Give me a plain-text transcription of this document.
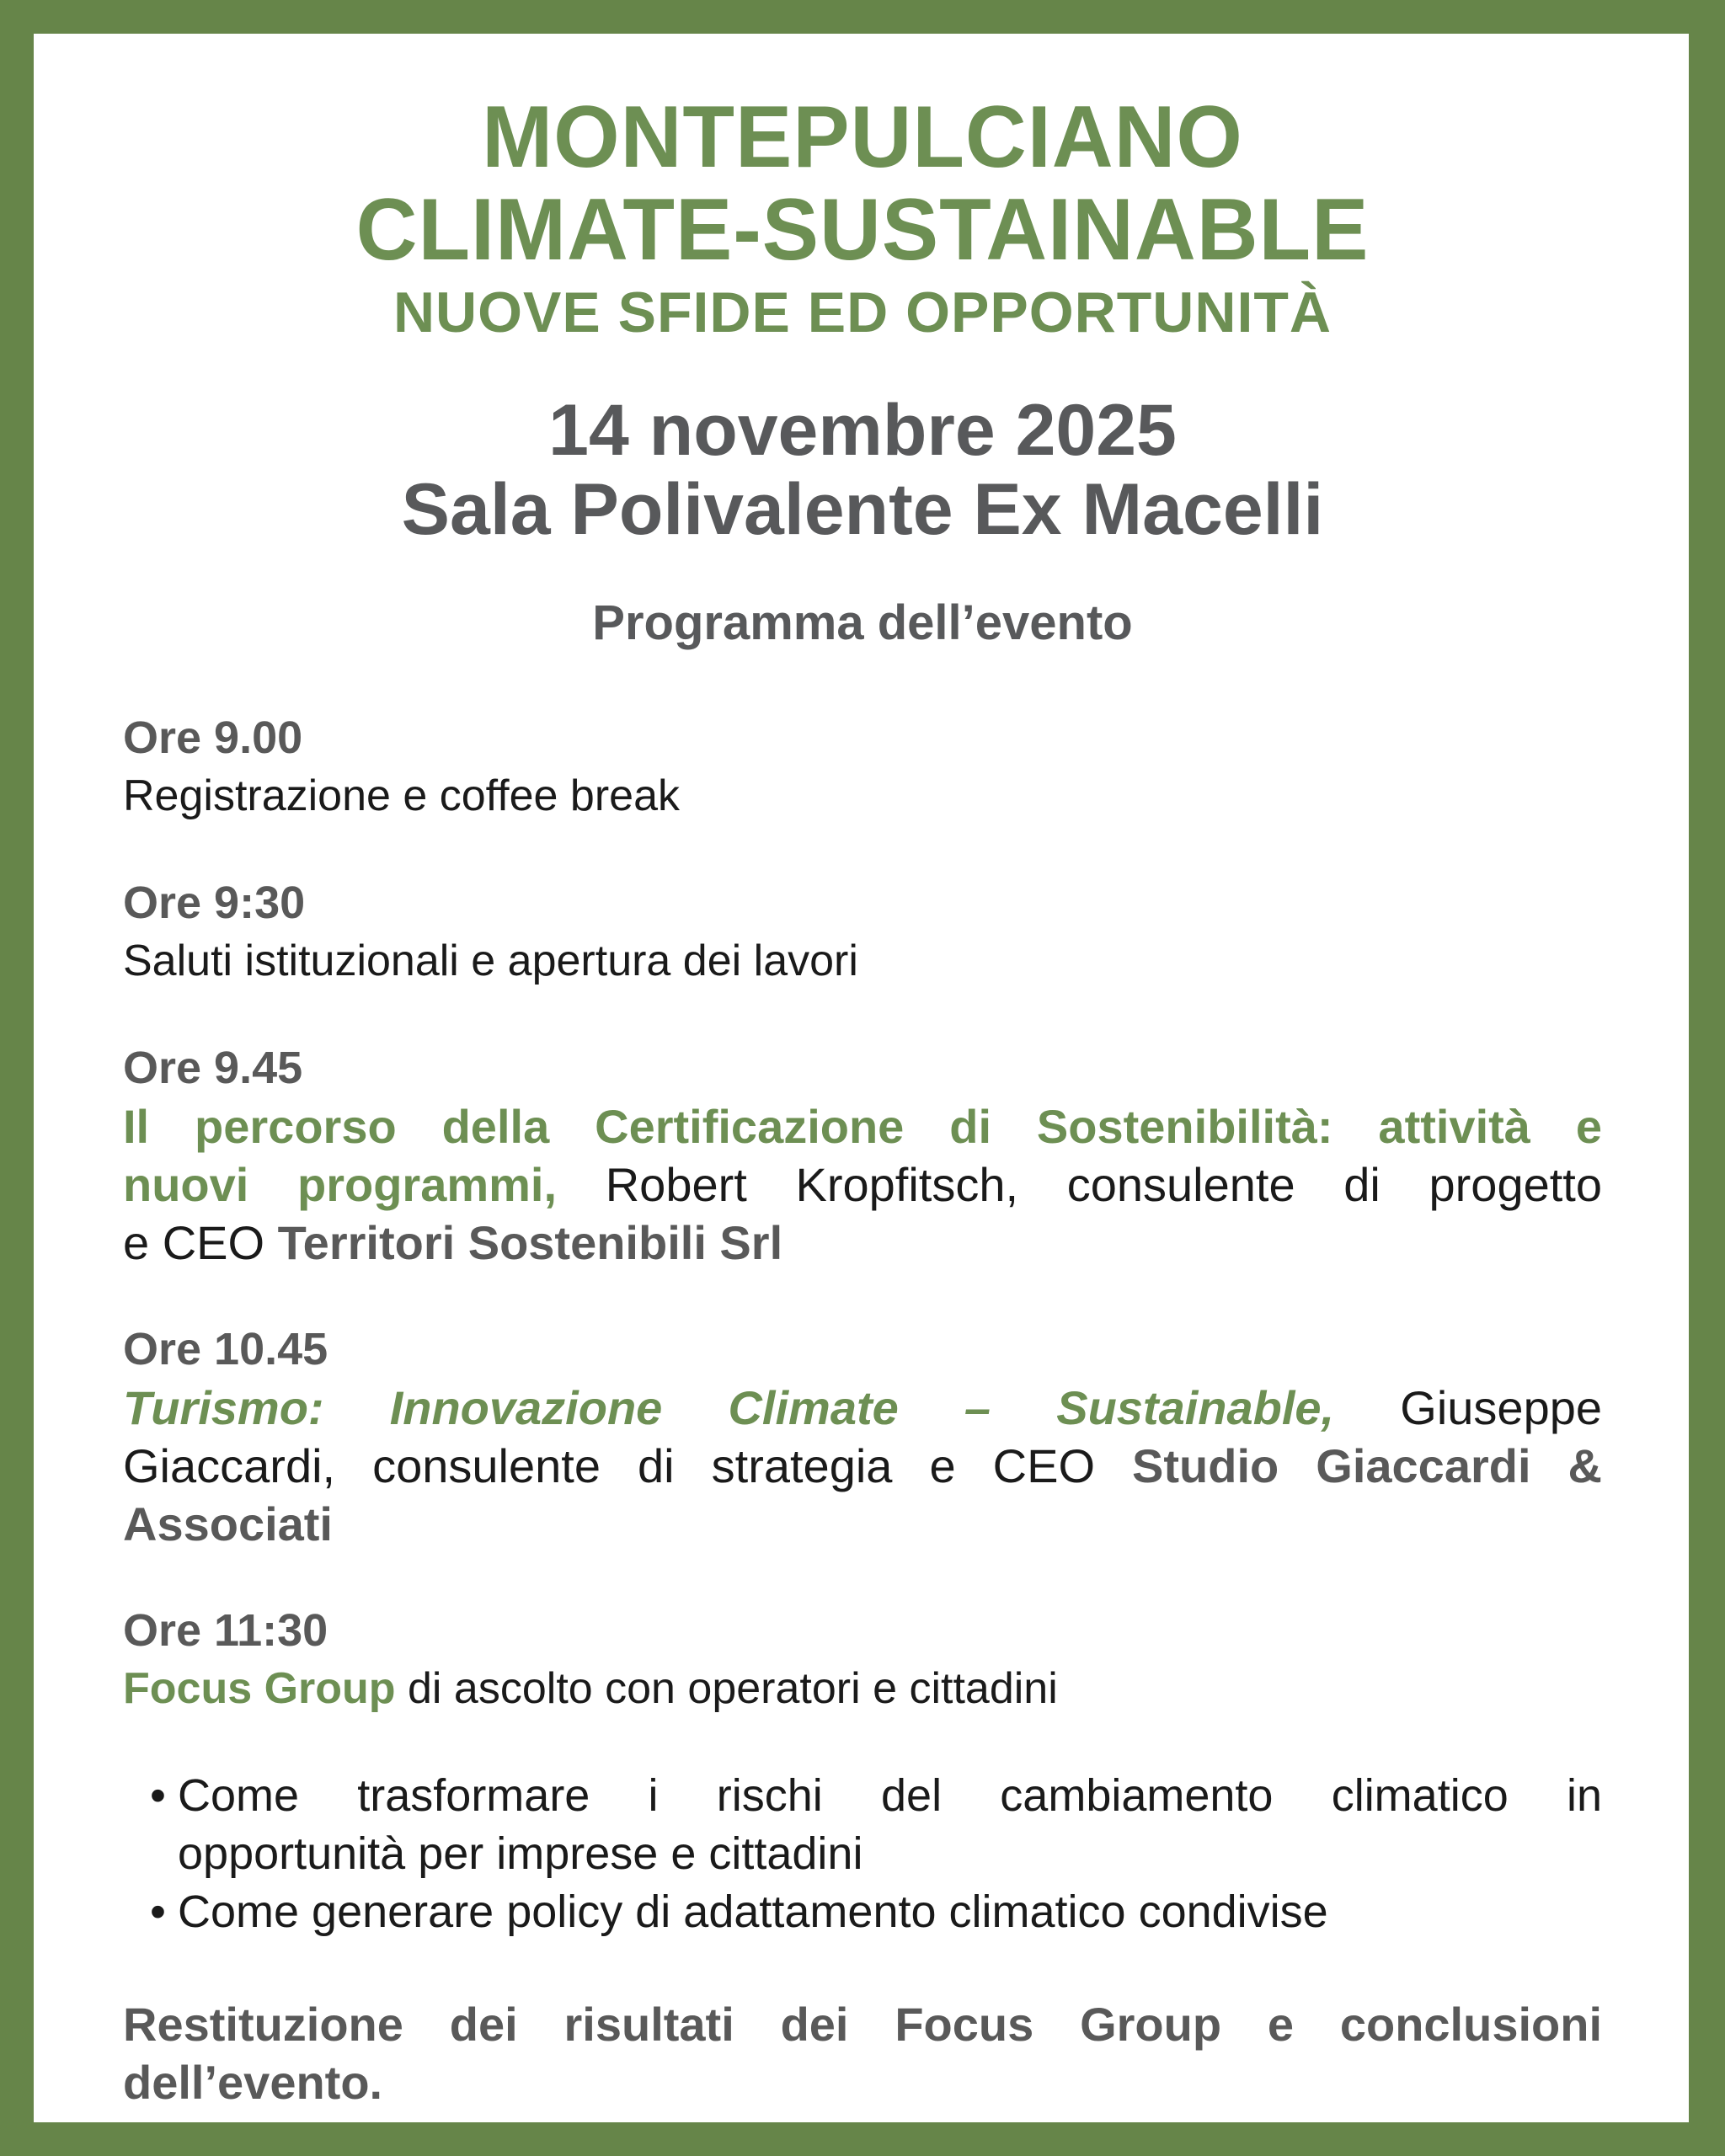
MONTEPULCIANO
CLIMATE-SUSTAINABLE
NUOVE SFIDE ED OPPORTUNITÀ
14 novembre 2025
Sala Polivalente Ex Macelli
Programma dell’evento
Ore 9.00
Registrazione e coffee break
Ore 9:30
Saluti istituzionali e apertura dei lavori
Ore 9.45
Il percorso della Certificazione di Sostenibilità: attività e
nuovi programmi, Robert Kropfitsch, consulente di progetto
e CEO Territori Sostenibili Srl
Ore 10.45
Turismo: Innovazione Climate – Sustainable, Giuseppe
Giaccardi, consulente di strategia e CEO Studio Giaccardi &
Associati
Ore 11:30
Focus Group di ascolto con operatori e cittadini
• Come trasformare i rischi del cambiamento climatico in
opportunità per imprese e cittadini
• Come generare policy di adattamento climatico condivise
Restituzione dei risultati dei Focus Group e conclusioni
dell’evento.
